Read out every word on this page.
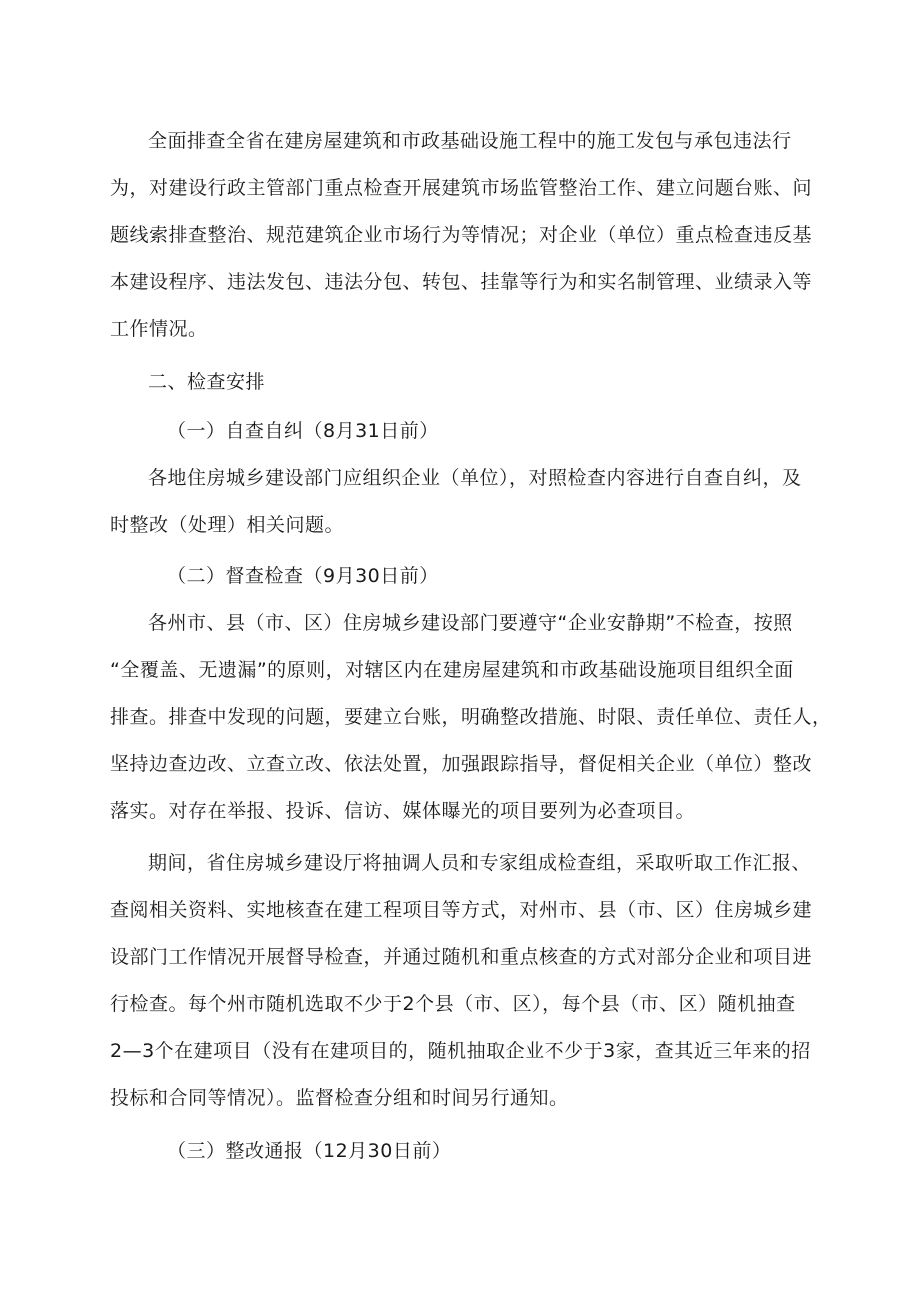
全面排查全省在建房屋建筑和市政基础设施工程中的施工发包与承包违法行
为，对建设行政主管部门重点检查开展建筑市场监管整治工作、建立问题台账、问
题线索排查整治、规范建筑企业市场行为等情况；对企业（单位）重点检查违反基
本建设程序、违法发包、违法分包、转包、挂靠等行为和实名制管理、业绩录入等
工作情况。
二、检查安排
（一）自查自纠（8月31日前）
各地住房城乡建设部门应组织企业（单位），对照检查内容进行自查自纠，及
时整改（处理）相关问题。
（二）督查检查（9月30日前）
各州市、县（市、区）住房城乡建设部门要遵守“企业安静期”不检查，按照
“全覆盖、无遗漏”的原则，对辖区内在建房屋建筑和市政基础设施项目组织全面
排查。排查中发现的问题，要建立台账，明确整改措施、时限、责任单位、责任人，
坚持边查边改、立查立改、依法处置，加强跟踪指导，督促相关企业（单位）整改
落实。对存在举报、投诉、信访、媒体曝光的项目要列为必查项目。
期间，省住房城乡建设厅将抽调人员和专家组成检查组，采取听取工作汇报、
查阅相关资料、实地核查在建工程项目等方式，对州市、县（市、区）住房城乡建
设部门工作情况开展督导检查，并通过随机和重点核查的方式对部分企业和项目进
行检查。每个州市随机选取不少于2个县（市、区），每个县（市、区）随机抽查
2—3个在建项目（没有在建项目的，随机抽取企业不少于3家，查其近三年来的招
投标和合同等情况）。监督检查分组和时间另行通知。
（三）整改通报（12月30日前）
